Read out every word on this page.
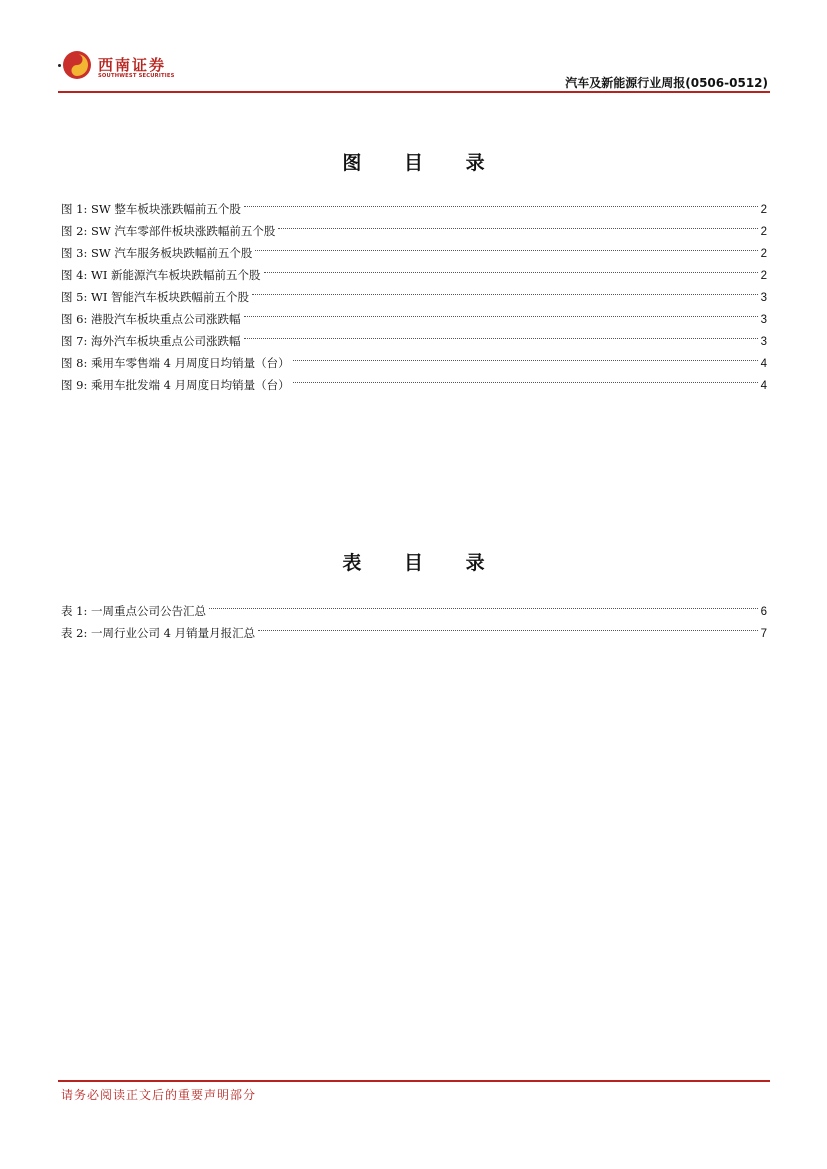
西南证券
SOUTHWEST SECURITIES	汽车及新能源行业周报(0506-0512)
图 目 录
图 1: SW 整车板块涨跌幅前五个股	2
图 2: SW 汽车零部件板块涨跌幅前五个股	2
图 3: SW 汽车服务板块跌幅前五个股	2
图 4: WI 新能源汽车板块跌幅前五个股	2
图 5: WI 智能汽车板块跌幅前五个股	3
图 6: 港股汽车板块重点公司涨跌幅	3
图 7: 海外汽车板块重点公司涨跌幅	3
图 8: 乘用车零售端 4 月周度日均销量（台）	4
图 9: 乘用车批发端 4 月周度日均销量（台）	4
表 目 录
表 1: 一周重点公司公告汇总	6
表 2: 一周行业公司 4 月销量月报汇总	7
请务必阅读正文后的重要声明部分
